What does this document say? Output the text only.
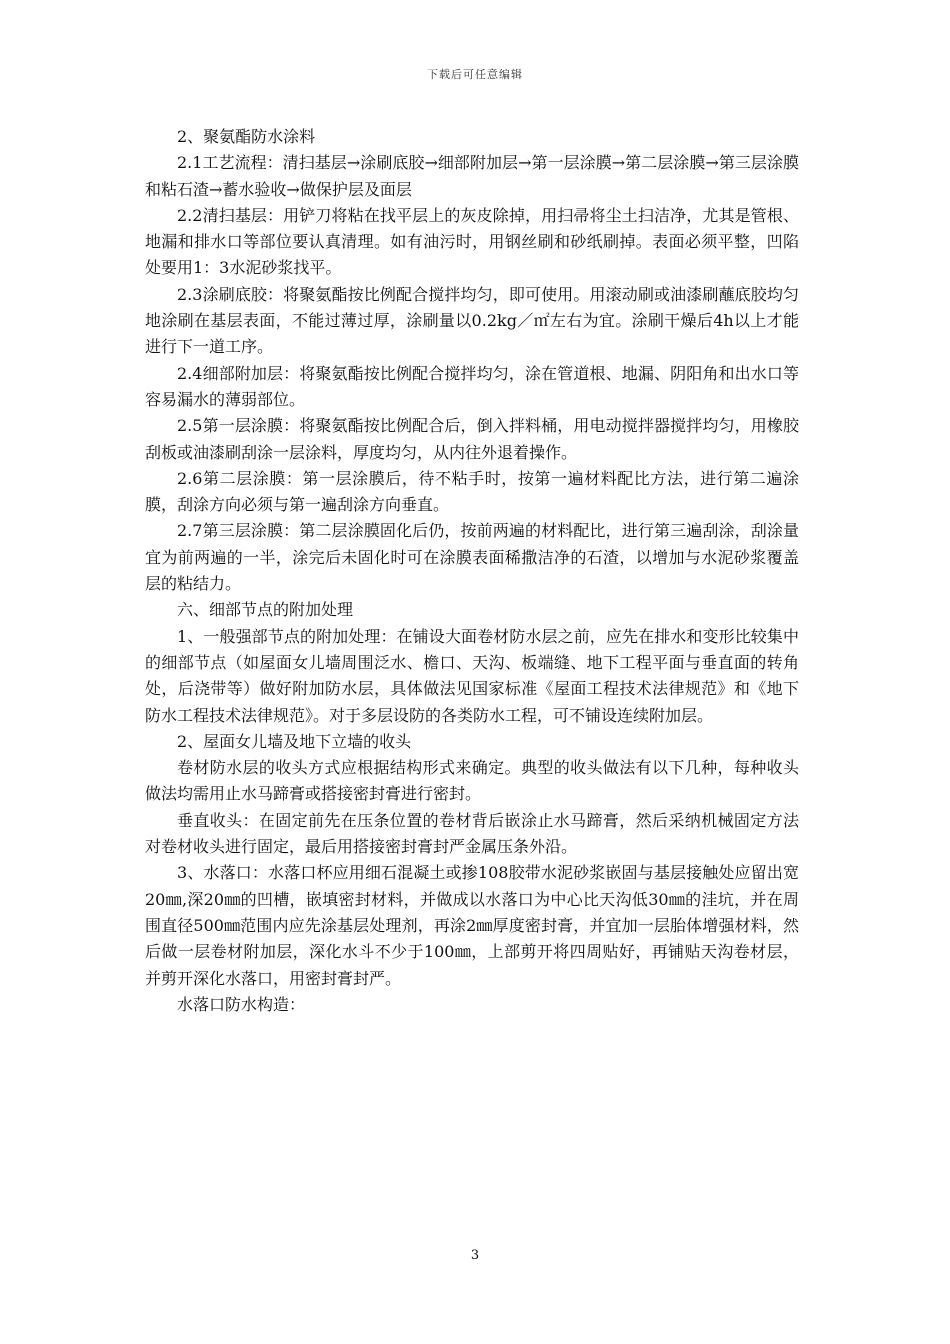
下载后可任意编辑

2、聚氨酯防水涂料

2.1工艺流程：清扫基层→涂刷底胶→细部附加层→第一层涂膜→第二层涂膜→第三层涂膜和粘石渣→蓄水验收→做保护层及面层

2.2清扫基层：用铲刀将粘在找平层上的灰皮除掉，用扫帚将尘土扫洁净，尤其是管根、地漏和排水口等部位要认真清理。如有油污时，用钢丝刷和砂纸刷掉。表面必须平整，凹陷处要用1：3水泥砂浆找平。

2.3涂刷底胶：将聚氨酯按比例配合搅拌均匀，即可使用。用滚动刷或油漆刷蘸底胶均匀地涂刷在基层表面，不能过薄过厚，涂刷量以0.2kg／㎡左右为宜。涂刷干燥后4h以上才能进行下一道工序。

2.4细部附加层：将聚氨酯按比例配合搅拌均匀，涂在管道根、地漏、阴阳角和出水口等容易漏水的薄弱部位。

2.5第一层涂膜：将聚氨酯按比例配合后，倒入拌料桶，用电动搅拌器搅拌均匀，用橡胶刮板或油漆刷刮涂一层涂料，厚度均匀，从内往外退着操作。

2.6第二层涂膜：第一层涂膜后，待不粘手时，按第一遍材料配比方法，进行第二遍涂膜，刮涂方向必须与第一遍刮涂方向垂直。

2.7第三层涂膜：第二层涂膜固化后仍，按前两遍的材料配比，进行第三遍刮涂，刮涂量宜为前两遍的一半，涂完后未固化时可在涂膜表面稀撒洁净的石渣，以增加与水泥砂浆覆盖层的粘结力。

六、细部节点的附加处理

1、一般强部节点的附加处理：在铺设大面卷材防水层之前，应先在排水和变形比较集中的细部节点（如屋面女儿墙周围泛水、檐口、天沟、板端缝、地下工程平面与垂直面的转角处，后浇带等）做好附加防水层，具体做法见国家标准《屋面工程技术法律规范》和《地下防水工程技术法律规范》。对于多层设防的各类防水工程，可不铺设连续附加层。

2、屋面女儿墙及地下立墙的收头

卷材防水层的收头方式应根据结构形式来确定。典型的收头做法有以下几种，每种收头做法均需用止水马蹄膏或搭接密封膏进行密封。

垂直收头：在固定前先在压条位置的卷材背后嵌涂止水马蹄膏，然后采纳机械固定方法对卷材收头进行固定，最后用搭接密封膏封严金属压条外沿。

3、水落口：水落口杯应用细石混凝土或掺108胶带水泥砂浆嵌固与基层接触处应留出宽20㎜,深20㎜的凹槽，嵌填密封材料，并做成以水落口为中心比天沟低30㎜的洼坑，并在周围直径500㎜范围内应先涂基层处理剂，再涂2㎜厚度密封膏，并宜加一层胎体增强材料，然后做一层卷材附加层，深化水斗不少于100㎜，上部剪开将四周贴好，再铺贴天沟卷材层，并剪开深化水落口，用密封膏封严。

水落口防水构造：

3
